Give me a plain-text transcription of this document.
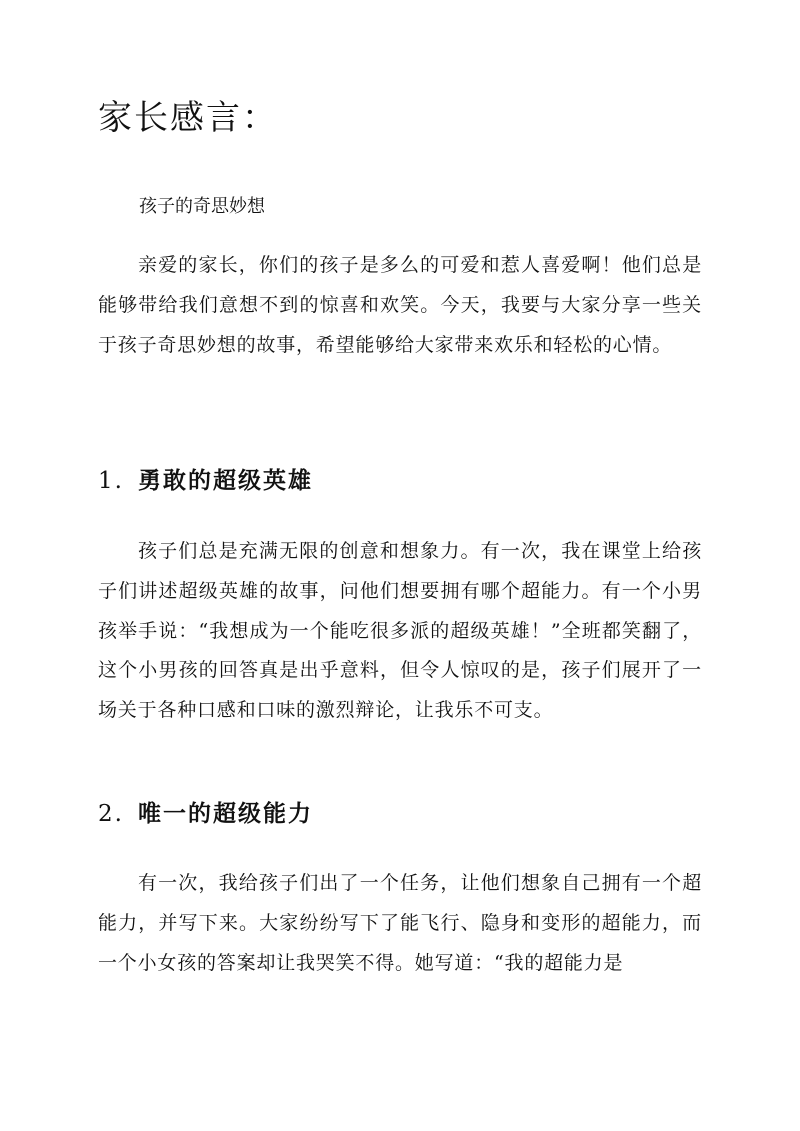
家长感言：

孩子的奇思妙想

亲爱的家长，你们的孩子是多么的可爱和惹人喜爱啊！他们总是能够带给我们意想不到的惊喜和欢笑。今天，我要与大家分享一些关于孩子奇思妙想的故事，希望能够给大家带来欢乐和轻松的心情。

1. 勇敢的超级英雄

孩子们总是充满无限的创意和想象力。有一次，我在课堂上给孩子们讲述超级英雄的故事，问他们想要拥有哪个超能力。有一个小男孩举手说：“我想成为一个能吃很多派的超级英雄！”全班都笑翻了，这个小男孩的回答真是出乎意料，但令人惊叹的是，孩子们展开了一场关于各种口感和口味的激烈辩论，让我乐不可支。

2. 唯一的超级能力

有一次，我给孩子们出了一个任务，让他们想象自己拥有一个超能力，并写下来。大家纷纷写下了能飞行、隐身和变形的超能力，而一个小女孩的答案却让我哭笑不得。她写道：“我的超能力是
